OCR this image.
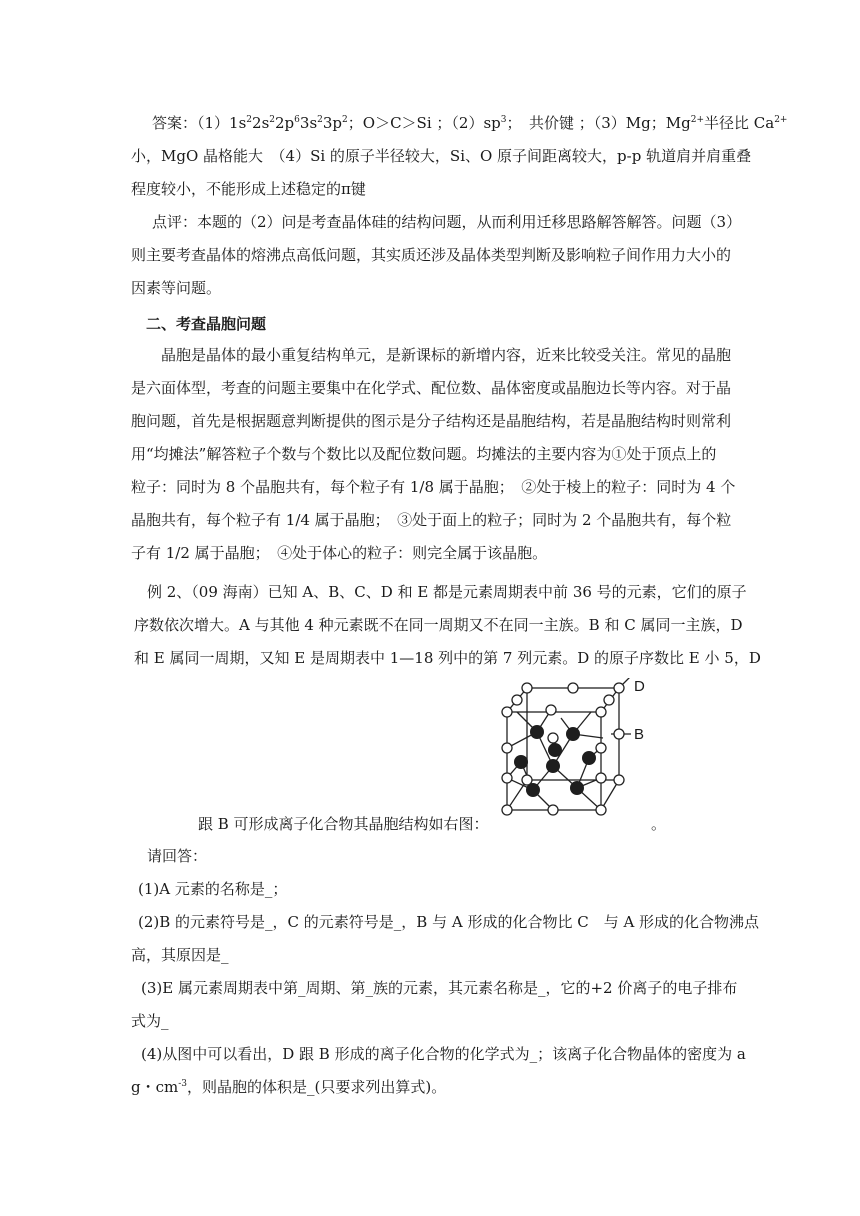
答案：$(1)1s^22s^22p^63s^23p^2$；O＞C＞Si ；$(2)sp^3$；　共价键 ；（3）Mg；$Mg^{2+}$半径比 $Ca^{2+}$
小，MgO 晶格能大　（4）Si 的原子半径较大，Si、O 原子间距离较大，p-p 轨道肩并肩重叠
程度较小，不能形成上述稳定的π键
点评：本题的（2）问是考查晶体硅的结构问题，从而利用迁移思路解答解答。问题（3）
则主要考查晶体的熔沸点高低问题，其实质还涉及晶体类型判断及影响粒子间作用力大小的
因素等问题。
二、考查晶胞问题
晶胞是晶体的最小重复结构单元，是新课标的新增内容，近来比较受关注。常见的晶胞
是六面体型，考查的问题主要集中在化学式、配位数、晶体密度或晶胞边长等内容。对于晶
胞问题，首先是根据题意判断提供的图示是分子结构还是晶胞结构，若是晶胞结构时则常利
用“均摊法”解答粒子个数与个数比以及配位数问题。均摊法的主要内容为①处于顶点上的
粒子：同时为 8 个晶胞共有，每个粒子有 1/8 属于晶胞；　②处于棱上的粒子：同时为 4 个
晶胞共有，每个粒子有 1/4 属于晶胞；　③处于面上的粒子；同时为 2 个晶胞共有，每个粒
子有 1/2 属于晶胞；　④处于体心的粒子：则完全属于该晶胞。
例 2、（09 海南）已知 A、B、C、D 和 E 都是元素周期表中前 36 号的元素，它们的原子
序数依次增大。A 与其他 4 种元素既不在同一周期又不在同一主族。B 和 C 属同一主族，D
和 E 属同一周期，又知 E 是周期表中 1—18 列中的第 7 列元素。D 的原子序数比 E 小 5，D
D
B
跟 B 可形成离子化合物其晶胞结构如右图：	。
请回答：
(1)A 元素的名称是_；
(2)B 的元素符号是_，C 的元素符号是_，B 与 A 形成的化合物比 C　与 A 形成的化合物沸点
高，其原因是_
(3)E 属元素周期表中第_周期、第_族的元素，其元素名称是_，它的+2 价离子的电子排布
式为_
(4)从图中可以看出，D 跟 B 形成的离子化合物的化学式为_；该离子化合物晶体的密度为 a
g・$cm^{-3}$，则晶胞的体积是_(只要求列出算式)。
